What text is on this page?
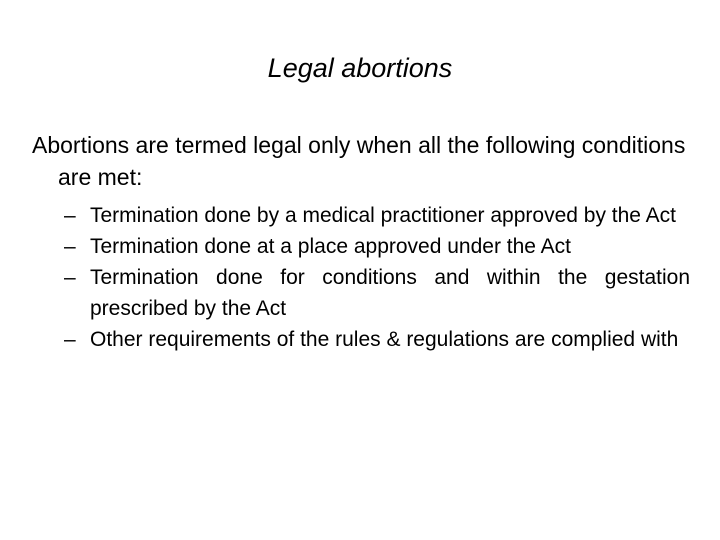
Legal abortions

Abortions are termed legal only when all the following conditions are met:

– Termination done by a medical practitioner approved by the Act
– Termination done at a place approved under the Act
– Termination done for conditions and within the gestation prescribed by the Act
– Other requirements of the rules & regulations are complied with
